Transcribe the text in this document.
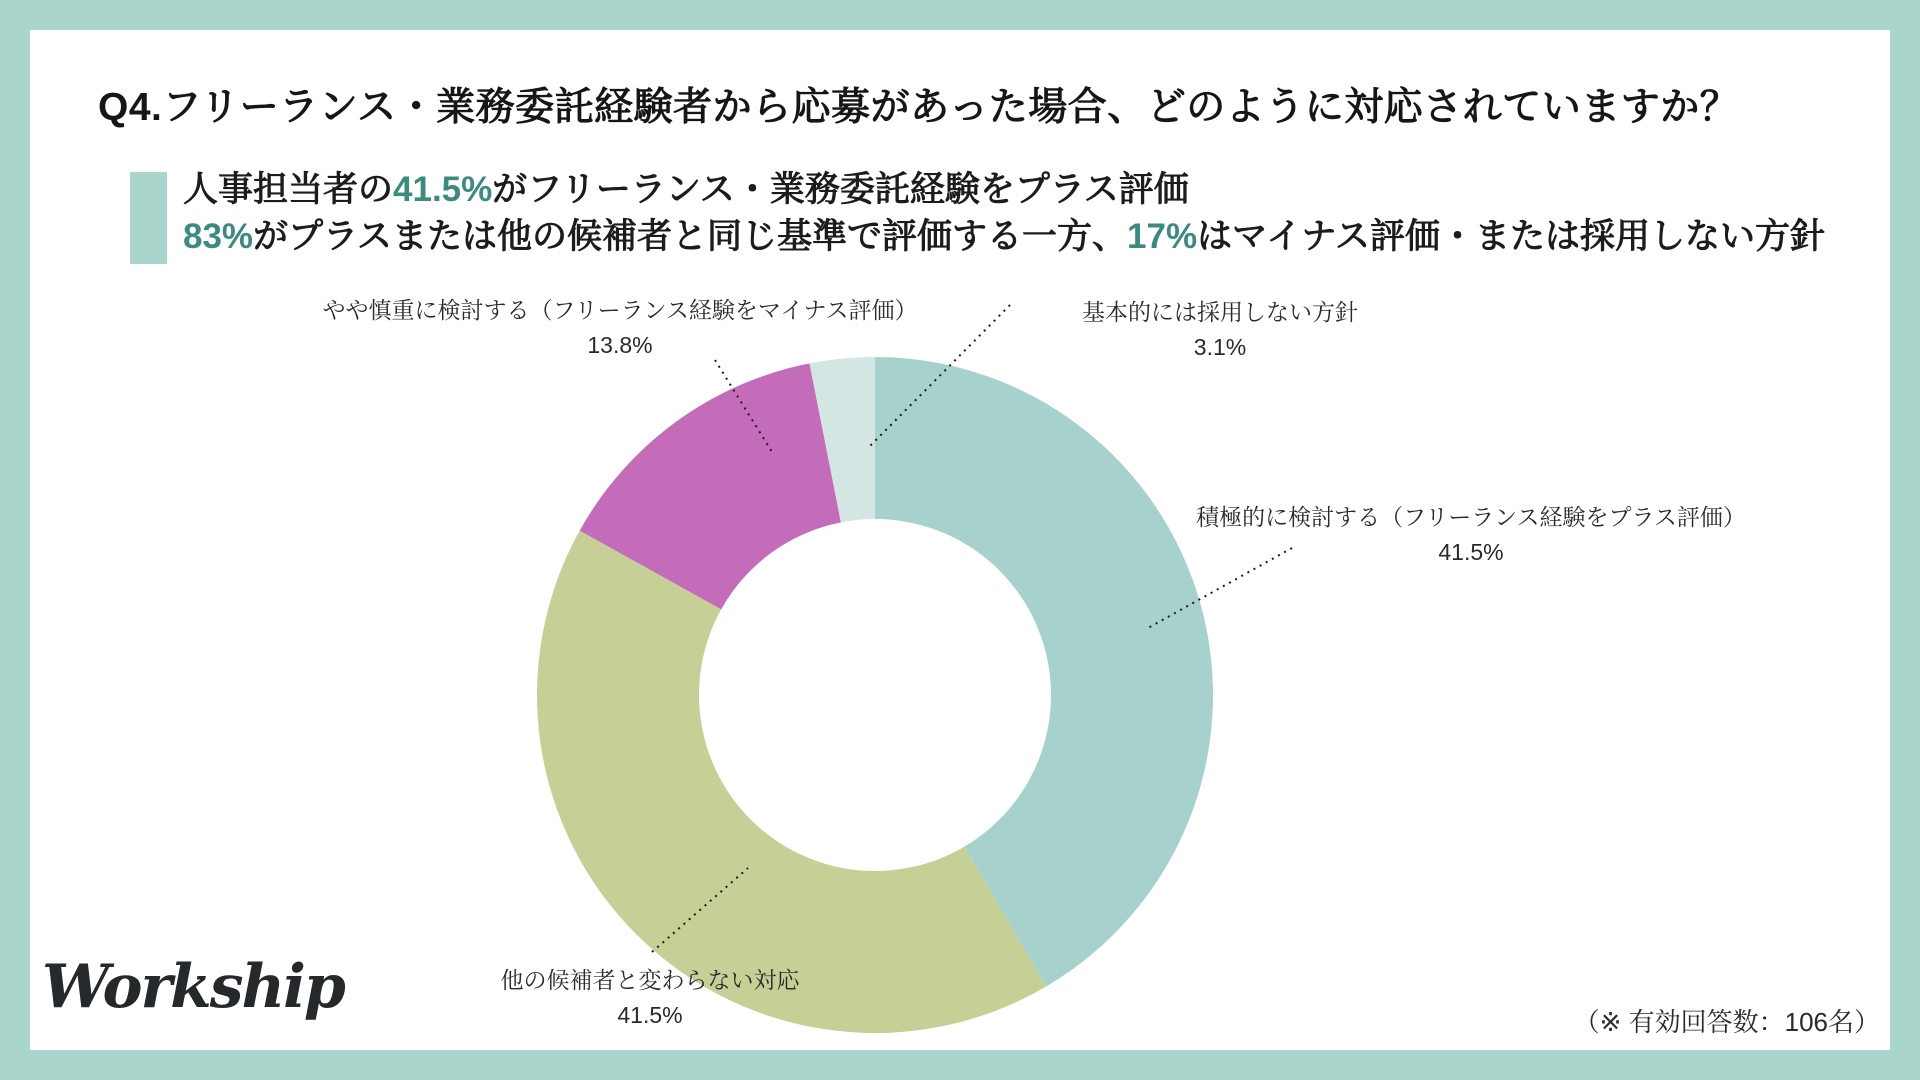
Q4.フリーランス・業務委託経験者から応募があった場合、どのように対応されていますか？
人事担当者の41.5%がフリーランス・業務委託経験をプラス評価
83%がプラスまたは他の候補者と同じ基準で評価する一方、17%はマイナス評価・または採用しない方針
積極的に検討する（フリーランス経験をプラス評価）
41.5%
他の候補者と変わらない対応
41.5%
やや慎重に検討する（フリーランス経験をマイナス評価）
13.8%
基本的には採用しない方針
3.1%
Workship	（※ 有効回答数：106名）
